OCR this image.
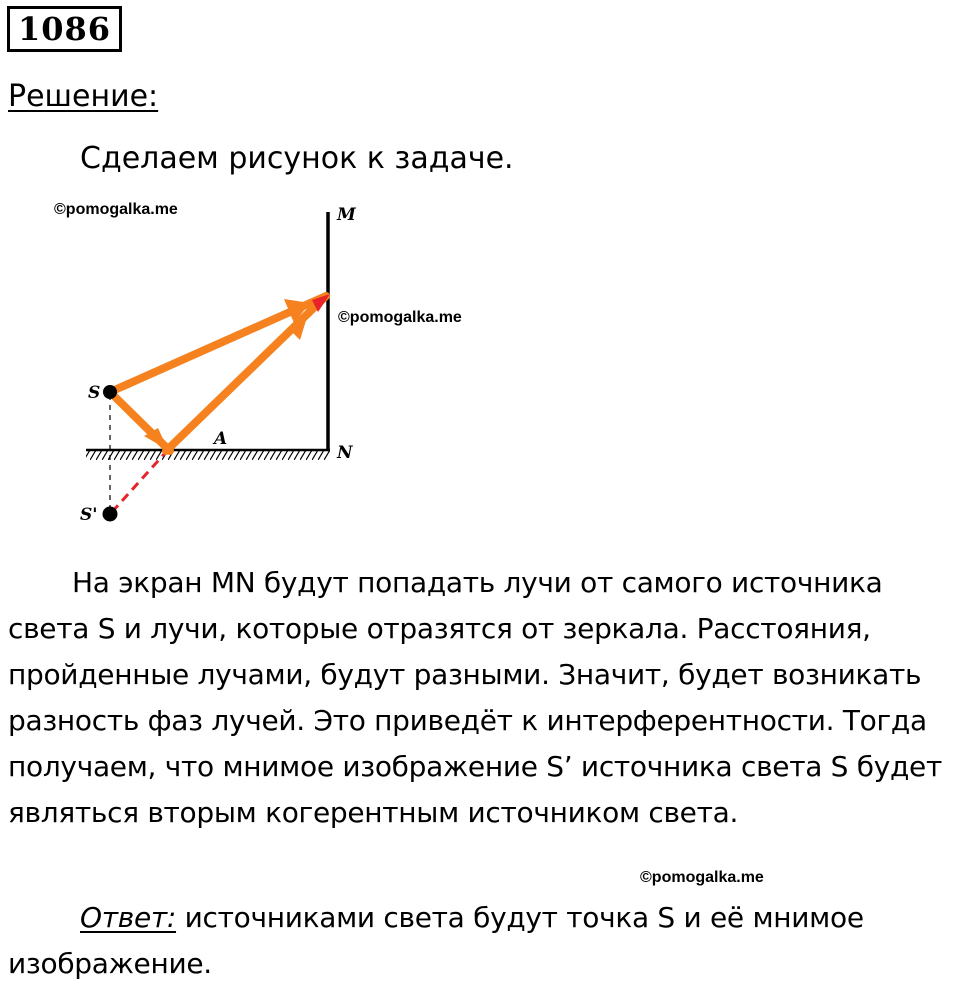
1086
Решение:
Сделаем рисунок к задаче.
©pomogalka.me	M
N
A
S
S'
©pomogalka.me

На экран MN будут попадать лучи от самого источника света S и лучи, которые отразятся от зеркала. Расстояния, пройденные лучами, будут разными. Значит, будет возникать разность фаз лучей. Это приведёт к интерферентности. Тогда получаем, что мнимое изображение S’ источника света S будет являться вторым когерентным источником света.

©pomogalka.me

Ответ: источниками света будут точка S и её мнимое изображение.
